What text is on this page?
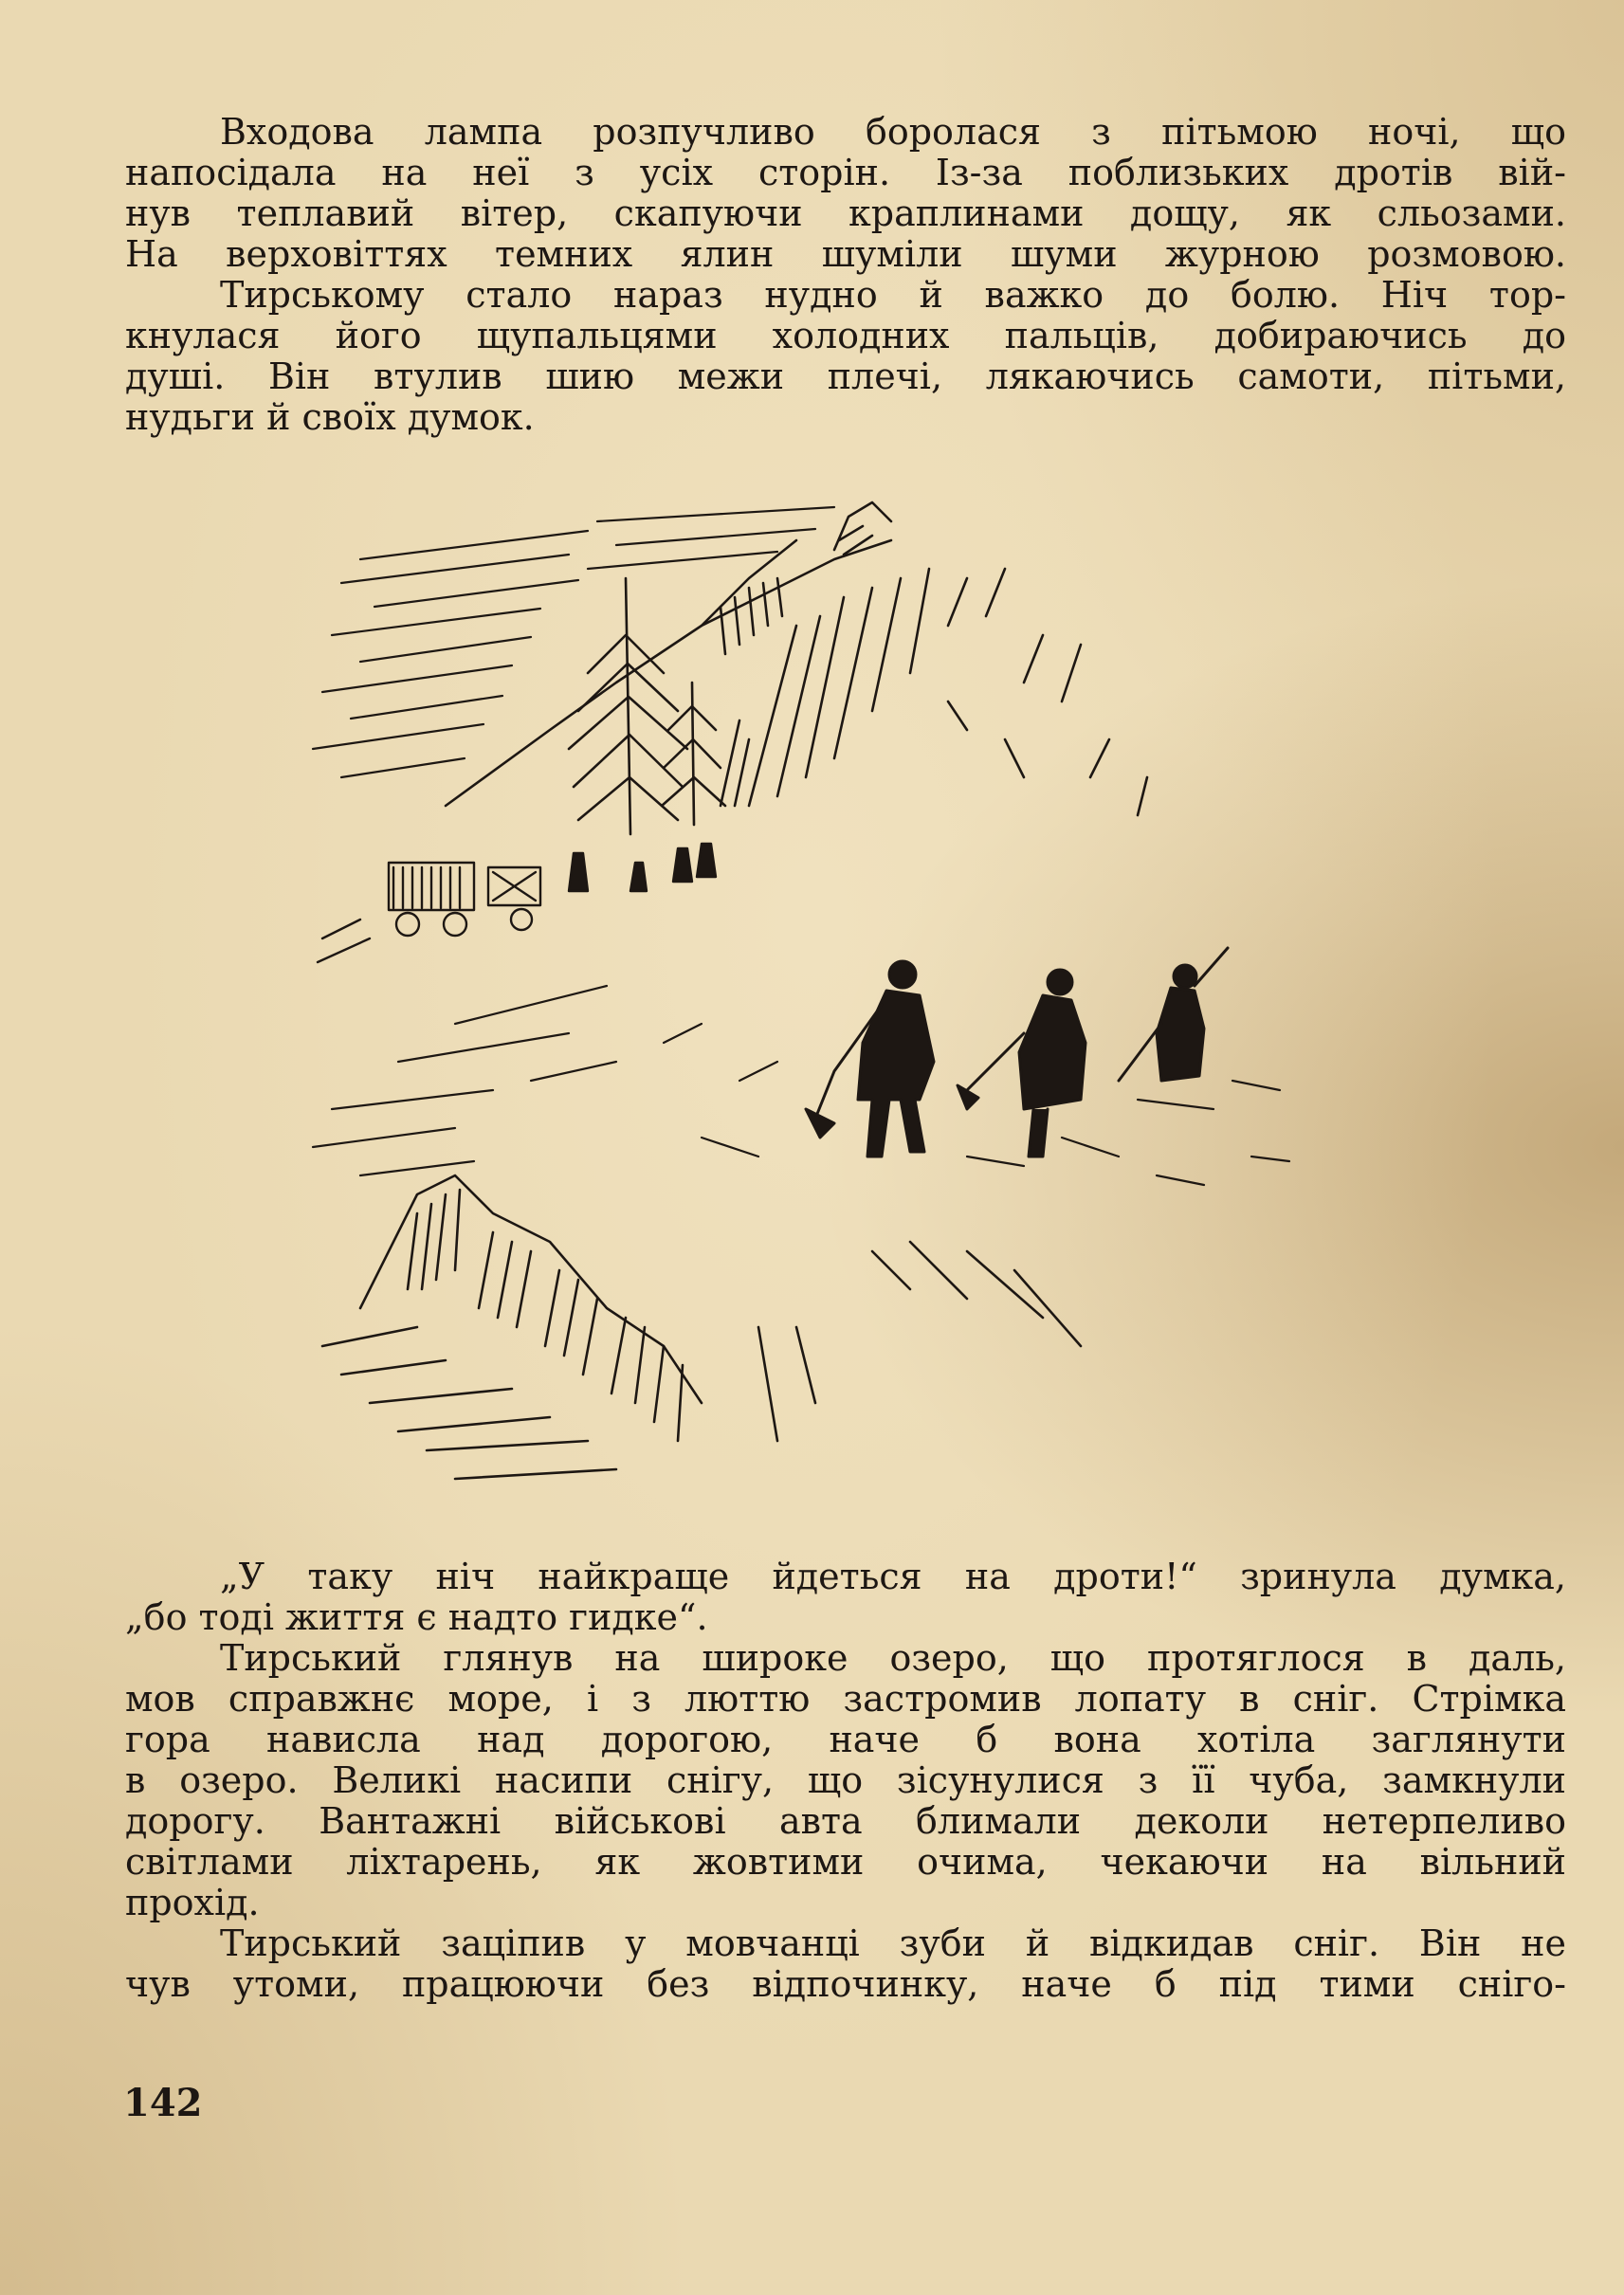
Входова лампа розпучливо боролася з пітьмою ночі, що
напосідала на неї з усіх сторін. Із-за поблизьких дротів вій-
нув теплавий вітер, скапуючи краплинами дощу, як сльозами.
На верховіттях темних ялин шуміли шуми журною розмовою.
Тирському стало нараз нудно й важко до болю. Ніч тор-
кнулася його щупальцями холодних пальців, добираючись до
душі. Він втулив шию межи плечі, лякаючись самоти, пітьми,
нудьги й своїх думок.
„У таку ніч найкраще йдеться на дроти!“ зринула думка,
„бо тоді життя є надто гидке“.
Тирський глянув на широке озеро, що протяглося в даль,
мов справжнє море, і з люттю застромив лопату в сніг. Стрімка
гора нависла над дорогою, наче б вона хотіла заглянути
в озеро. Великі насипи снігу, що зісунулися з її чуба, замкнули
дорогу. Вантажні військові авта блимали деколи нетерпеливо
світлами ліхтарень, як жовтими очима, чекаючи на вільний
прохід.
Тирський заціпив у мовчанці зуби й відкидав сніг. Він не
чув утоми, працюючи без відпочинку, наче б під тими сніго-
142
